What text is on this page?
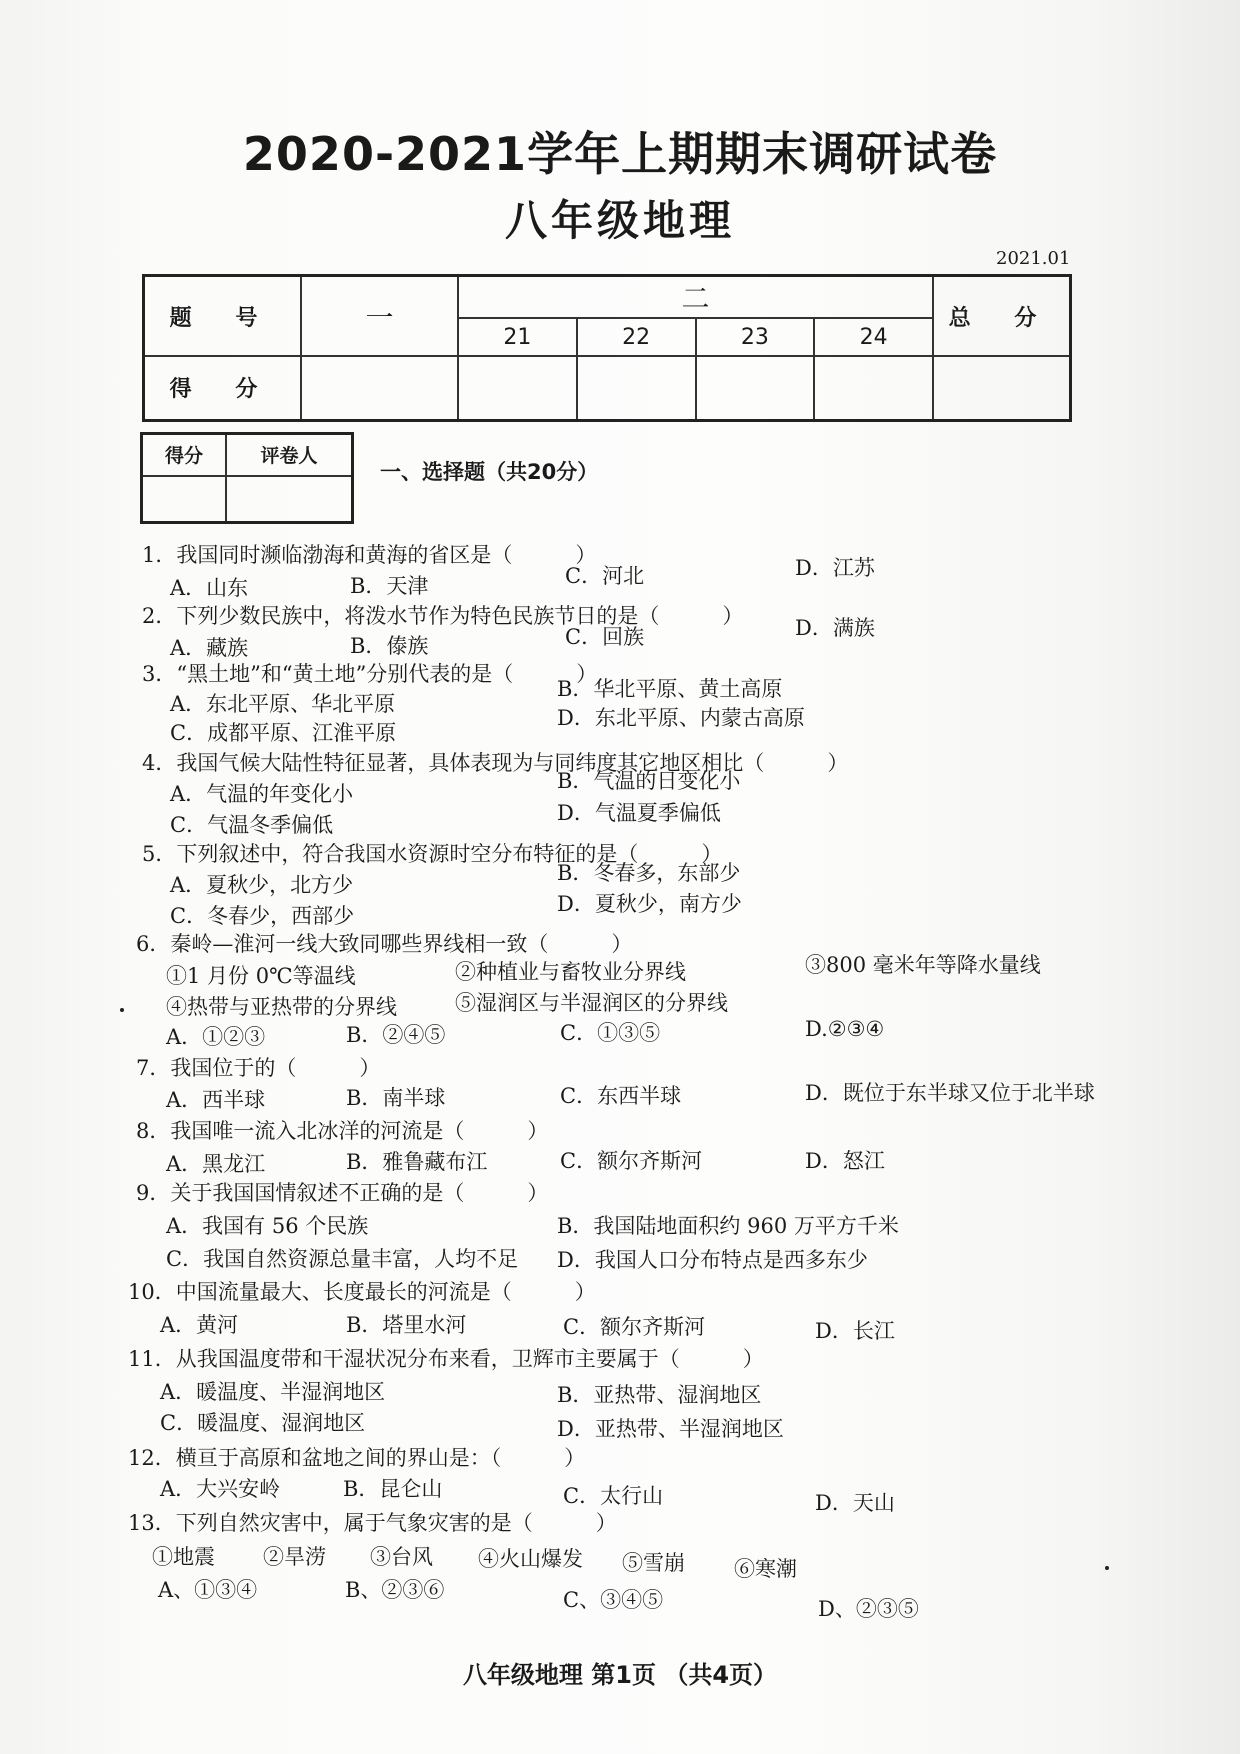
2020-2021学年上期期末调研试卷
八年级地理
2021.01
题 号	一	二				总 分
		21	22	23	24	
得 分						
得分	评卷人

一、选择题（共20分）
1．我国同时濒临渤海和黄海的省区是（　　　）
A．山东	B．天津	C．河北	D．江苏
2．下列少数民族中，将泼水节作为特色民族节日的是（　　　）
A．藏族	B．傣族	C．回族	D．满族
3．“黑土地”和“黄土地”分别代表的是（　　　）
A．东北平原、华北平原
B．华北平原、黄土高原
C．成都平原、江淮平原
D．东北平原、内蒙古高原
4．我国气候大陆性特征显著，具体表现为与同纬度其它地区相比（　　　）
A．气温的年变化小
B．气温的日变化小
C．气温冬季偏低	D．气温夏季偏低
5．下列叙述中，符合我国水资源时空分布特征的是（　　　）
A．夏秋少，北方少	B．冬春多，东部少
C．冬春少，西部少	D．夏秋少，南方少
6．秦岭—淮河一线大致同哪些界线相一致（　　　）
①1 月份 0℃等温线	②种植业与畜牧业分界线	③800 毫米年等降水量线
④热带与亚热带的分界线	⑤湿润区与半湿润区的分界线
A．①②③	B．②④⑤	C．①③⑤	D.②③④
7．我国位于的（　　　）
A．西半球	B．南半球	C．东西半球	D．既位于东半球又位于北半球
8．我国唯一流入北冰洋的河流是（　　　）
A．黑龙江	B．雅鲁藏布江	C．额尔齐斯河	D．怒江
9．关于我国国情叙述不正确的是（　　　）
A．我国有 56 个民族	B．我国陆地面积约 960 万平方千米
C．我国自然资源总量丰富，人均不足 D．我国人口分布特点是西多东少
10．中国流量最大、长度最长的河流是（　　　）
A．黄河	B．塔里水河	C．额尔齐斯河	D．长江
11．从我国温度带和干湿状况分布来看，卫辉市主要属于（　　　）
A．暖温度、半湿润地区	B．亚热带、湿润地区
C．暖温度、湿润地区	D．亚热带、半湿润地区
12．横亘于高原和盆地之间的界山是：（　　　）
A．大兴安岭	B．昆仑山	C．太行山	D．天山
13．下列自然灾害中，属于气象灾害的是（　　　）
①地震 ②旱涝 ③台风 ④火山爆发 ⑤雪崩 ⑥寒潮
A、①③④	B、②③⑥	C、③④⑤	D、②③⑤
八年级地理 第1页 （共4页）
